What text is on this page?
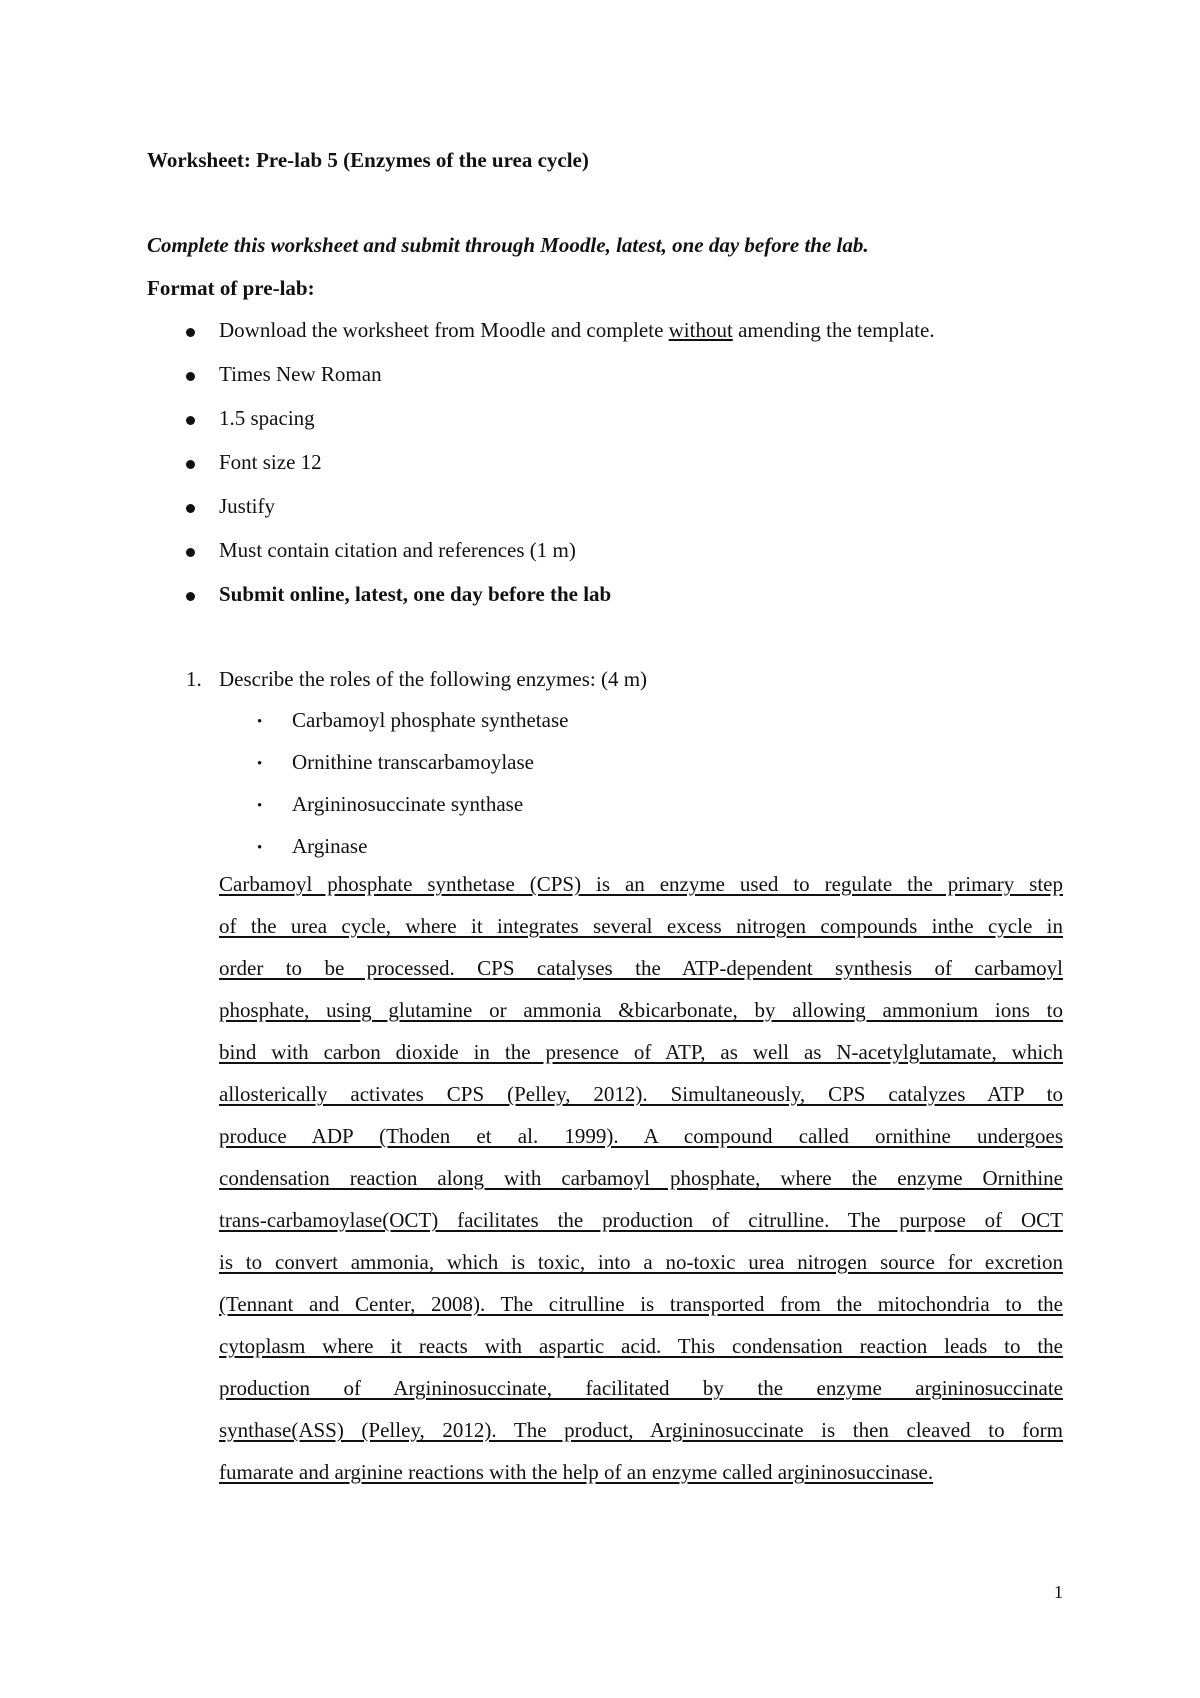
Worksheet: Pre-lab 5 (Enzymes of the urea cycle)
Complete this worksheet and submit through Moodle, latest, one day before the lab.
Format of pre-lab:
Download the worksheet from Moodle and complete without amending the template.
Times New Roman
1.5 spacing
Font size 12
Justify
Must contain citation and references (1 m)
Submit online, latest, one day before the lab
1. Describe the roles of the following enzymes: (4 m)
• Carbamoyl phosphate synthetase
• Ornithine transcarbamoylase
• Argininosuccinate synthase
• Arginase
Carbamoyl phosphate synthetase (CPS) is an enzyme used to regulate the primary step
of the urea cycle, where it integrates several excess nitrogen compounds inthe cycle in
order to be processed. CPS catalyses the ATP-dependent synthesis of carbamoyl
phosphate, using glutamine or ammonia &bicarbonate, by allowing ammonium ions to
bind with carbon dioxide in the presence of ATP, as well as N-acetylglutamate, which
allosterically activates CPS (Pelley, 2012). Simultaneously, CPS catalyzes ATP to
produce ADP (Thoden et al. 1999). A compound called ornithine undergoes
condensation reaction along with carbamoyl phosphate, where the enzyme Ornithine
trans-carbamoylase(OCT) facilitates the production of citrulline. The purpose of OCT
is to convert ammonia, which is toxic, into a no-toxic urea nitrogen source for excretion
(Tennant and Center, 2008). The citrulline is transported from the mitochondria to the
cytoplasm where it reacts with aspartic acid. This condensation reaction leads to the
production of Argininosuccinate, facilitated by the enzyme argininosuccinate
synthase(ASS) (Pelley, 2012). The product, Argininosuccinate is then cleaved to form
fumarate and arginine reactions with the help of an enzyme called argininosuccinase.
1
